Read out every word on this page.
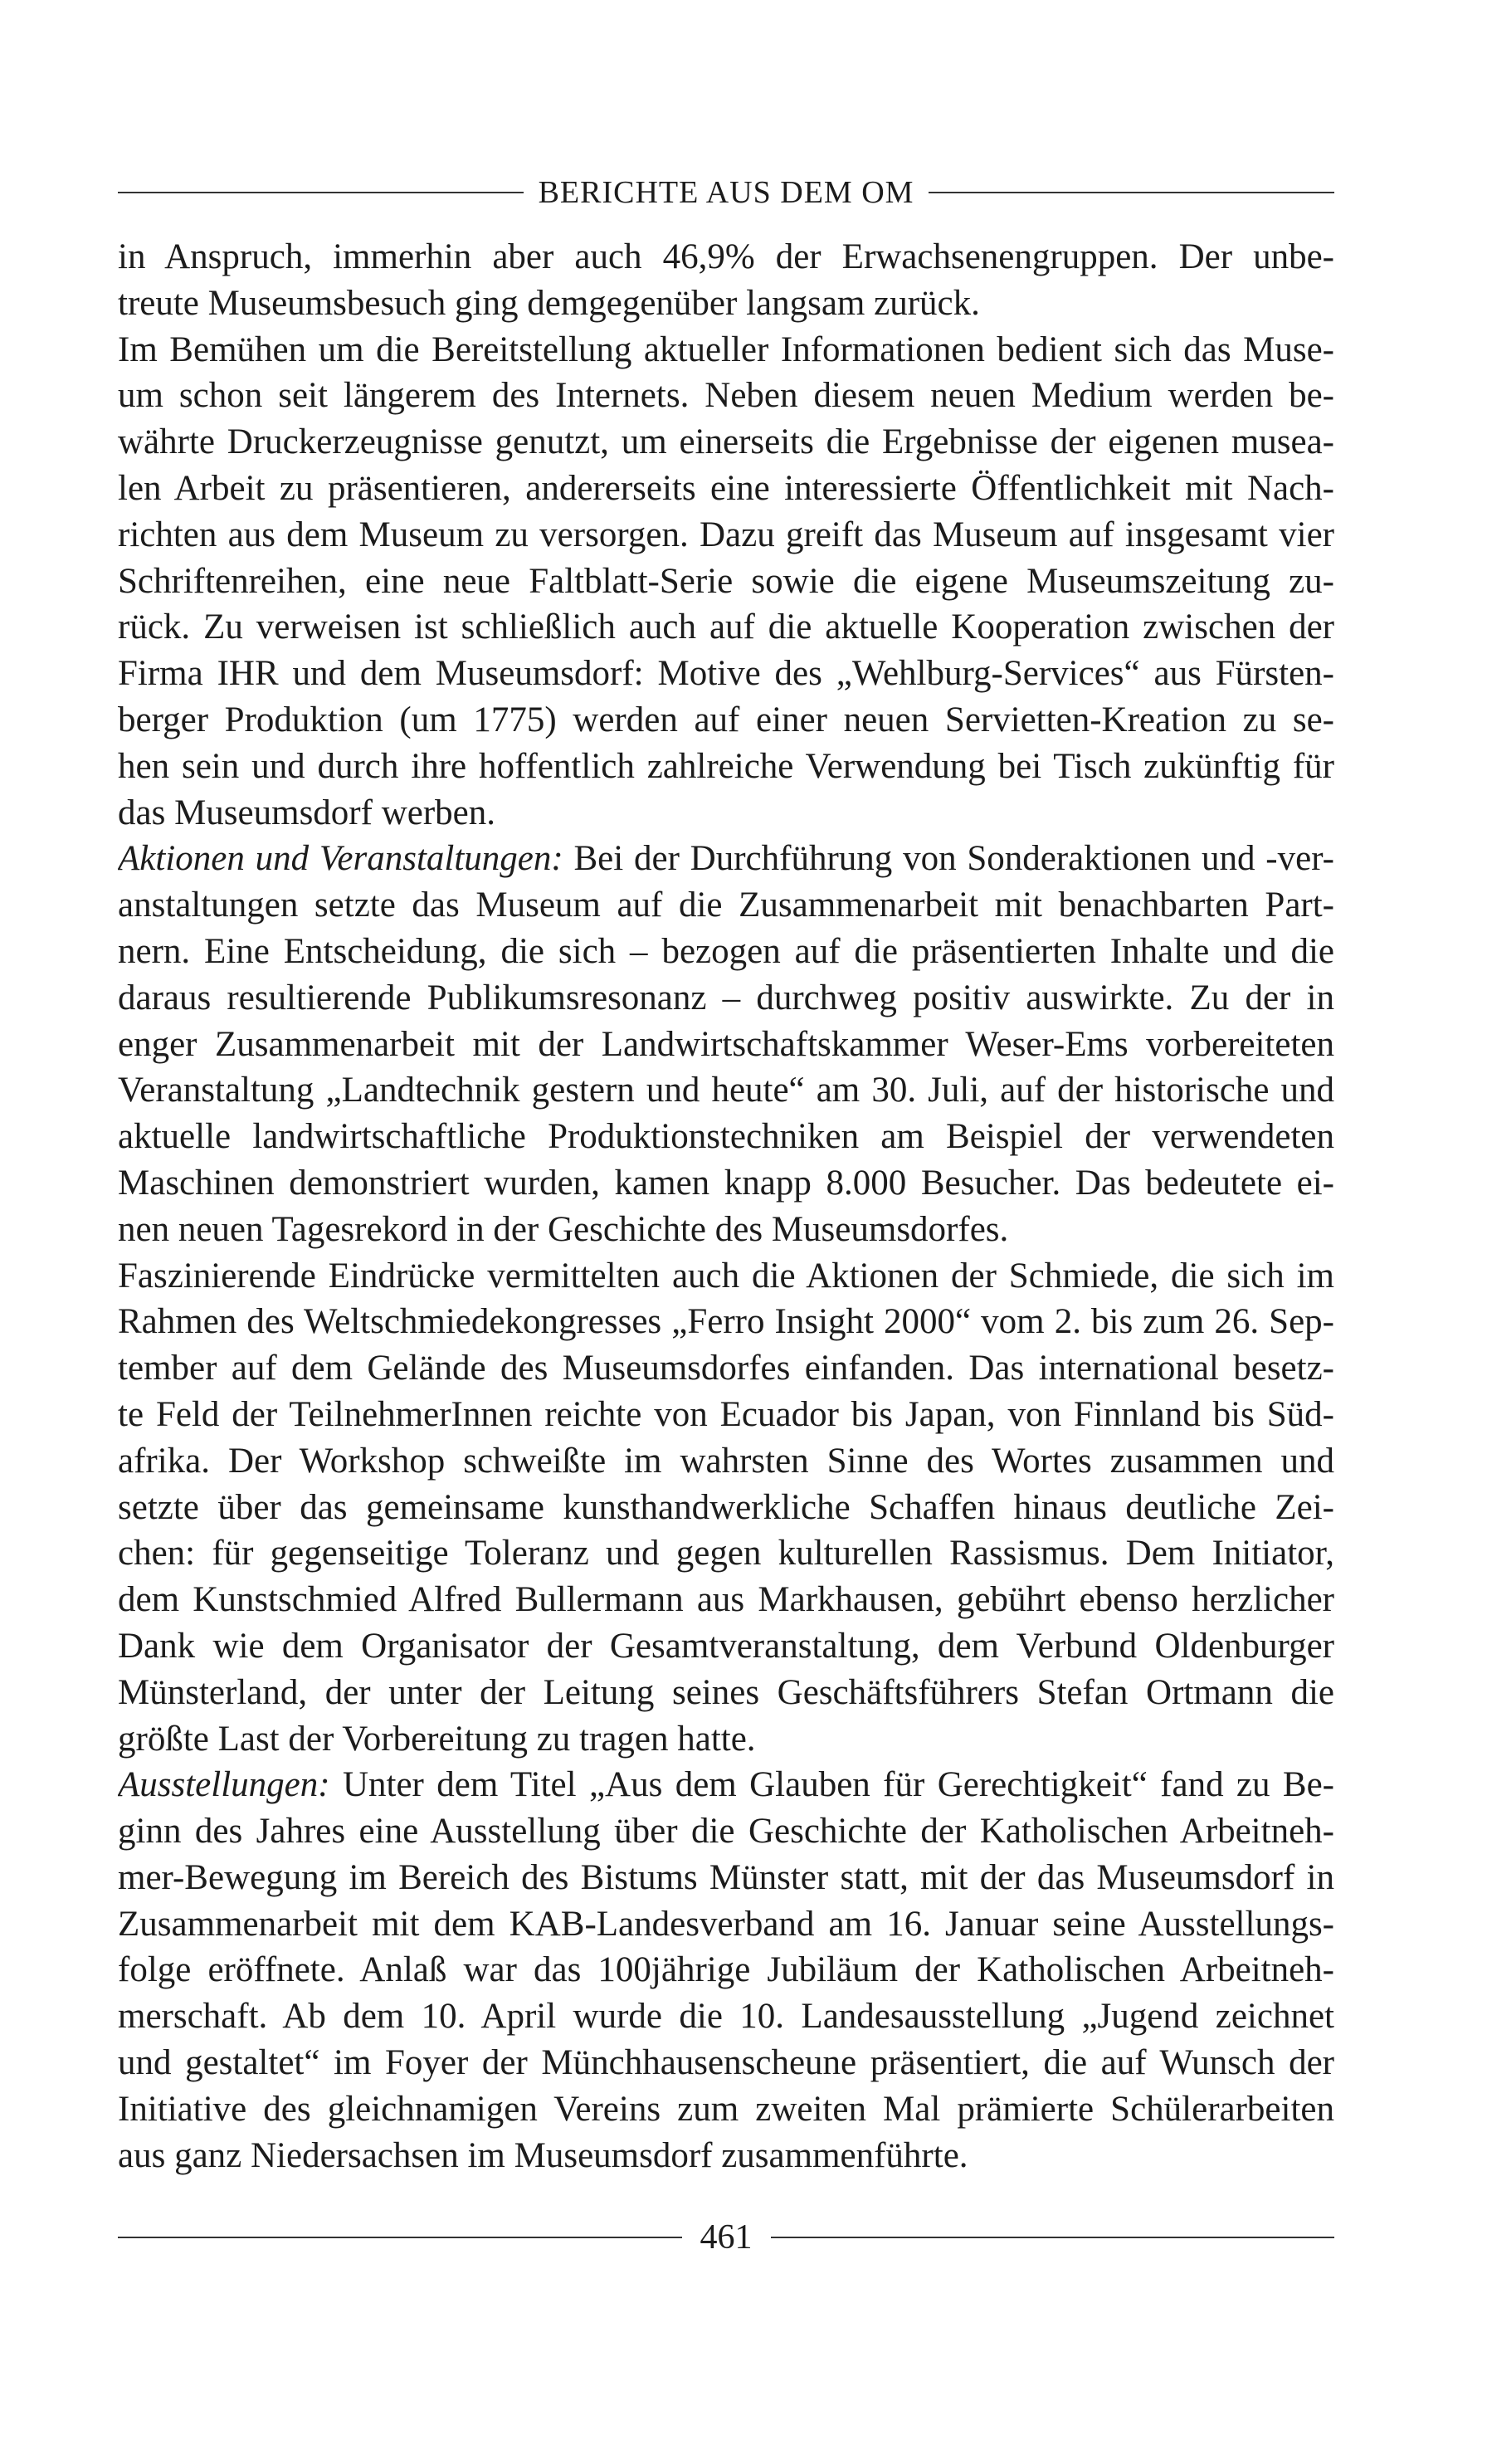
BERICHTE AUS DEM OM
in Anspruch, immerhin aber auch 46,9% der Erwachsenengruppen. Der unbe-
treute Museumsbesuch ging demgegenüber langsam zurück.
Im Bemühen um die Bereitstellung aktueller Informationen bedient sich das Muse-
um schon seit längerem des Internets. Neben diesem neuen Medium werden be-
währte Druckerzeugnisse genutzt, um einerseits die Ergebnisse der eigenen musea-
len Arbeit zu präsentieren, andererseits eine interessierte Öffentlichkeit mit Nach-
richten aus dem Museum zu versorgen. Dazu greift das Museum auf insgesamt vier
Schriftenreihen, eine neue Faltblatt-Serie sowie die eigene Museumszeitung zu-
rück. Zu verweisen ist schließlich auch auf die aktuelle Kooperation zwischen der
Firma IHR und dem Museumsdorf: Motive des „Wehlburg-Services“ aus Fürsten-
berger Produktion (um 1775) werden auf einer neuen Servietten-Kreation zu se-
hen sein und durch ihre hoffentlich zahlreiche Verwendung bei Tisch zukünftig für
das Museumsdorf werben.
Aktionen und Veranstaltungen: Bei der Durchführung von Sonderaktionen und -ver-
anstaltungen setzte das Museum auf die Zusammenarbeit mit benachbarten Part-
nern. Eine Entscheidung, die sich – bezogen auf die präsentierten Inhalte und die
daraus resultierende Publikumsresonanz – durchweg positiv auswirkte. Zu der in
enger Zusammenarbeit mit der Landwirtschaftskammer Weser-Ems vorbereiteten
Veranstaltung „Landtechnik gestern und heute“ am 30. Juli, auf der historische und
aktuelle landwirtschaftliche Produktionstechniken am Beispiel der verwendeten
Maschinen demonstriert wurden, kamen knapp 8.000 Besucher. Das bedeutete ei-
nen neuen Tagesrekord in der Geschichte des Museumsdorfes.
Faszinierende Eindrücke vermittelten auch die Aktionen der Schmiede, die sich im
Rahmen des Weltschmiedekongresses „Ferro Insight 2000“ vom 2. bis zum 26. Sep-
tember auf dem Gelände des Museumsdorfes einfanden. Das international besetz-
te Feld der TeilnehmerInnen reichte von Ecuador bis Japan, von Finnland bis Süd-
afrika. Der Workshop schweißte im wahrsten Sinne des Wortes zusammen und
setzte über das gemeinsame kunsthandwerkliche Schaffen hinaus deutliche Zei-
chen: für gegenseitige Toleranz und gegen kulturellen Rassismus. Dem Initiator,
dem Kunstschmied Alfred Bullermann aus Markhausen, gebührt ebenso herzlicher
Dank wie dem Organisator der Gesamtveranstaltung, dem Verbund Oldenburger
Münsterland, der unter der Leitung seines Geschäftsführers Stefan Ortmann die
größte Last der Vorbereitung zu tragen hatte.
Ausstellungen: Unter dem Titel „Aus dem Glauben für Gerechtigkeit“ fand zu Be-
ginn des Jahres eine Ausstellung über die Geschichte der Katholischen Arbeitneh-
mer-Bewegung im Bereich des Bistums Münster statt, mit der das Museumsdorf in
Zusammenarbeit mit dem KAB-Landesverband am 16. Januar seine Ausstellungs-
folge eröffnete. Anlaß war das 100jährige Jubiläum der Katholischen Arbeitneh-
merschaft. Ab dem 10. April wurde die 10. Landesausstellung „Jugend zeichnet
und gestaltet“ im Foyer der Münchhausenscheune präsentiert, die auf Wunsch der
Initiative des gleichnamigen Vereins zum zweiten Mal prämierte Schülerarbeiten
aus ganz Niedersachsen im Museumsdorf zusammenführte.
461
